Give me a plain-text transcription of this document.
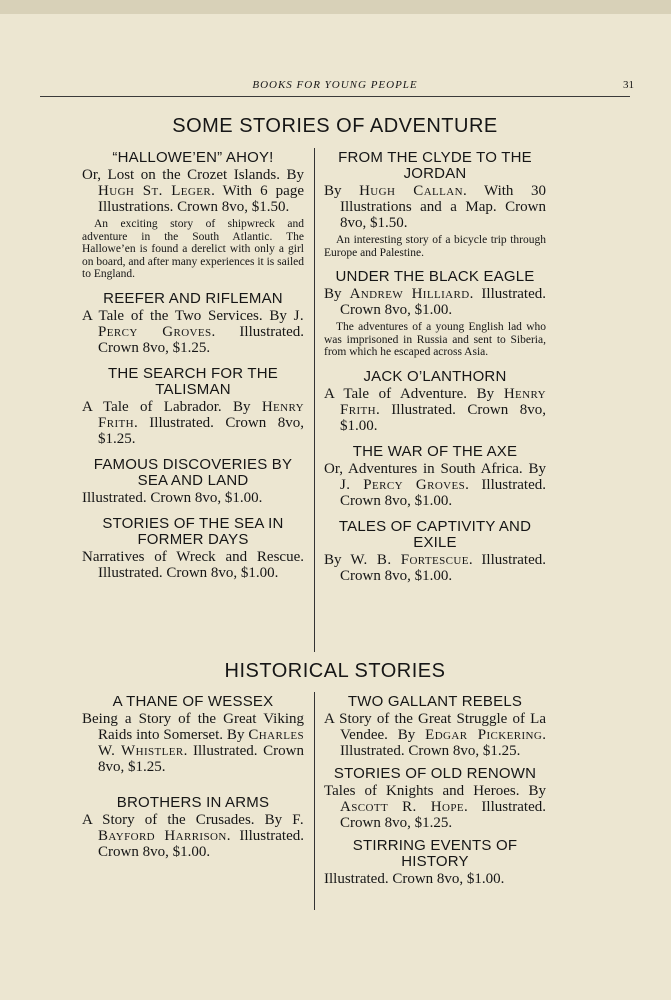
BOOKS FOR YOUNG PEOPLE	31
SOME STORIES OF ADVENTURE
“HALLOWE’EN” AHOY!

Or, Lost on the Crozet Islands. By Hugh St. Leger. With 6 page Illustrations. Crown 8vo, $1.50.

An exciting story of shipwreck and adventure in the South Atlantic. The Hallowe’en is found a derelict with only a girl on board, and after many experiences it is sailed to England.

REEFER AND RIFLEMAN

A Tale of the Two Services. By J. Percy Groves. Illustrated. Crown 8vo, $1.25.

THE SEARCH FOR THE TALISMAN

A Tale of Labrador. By Henry Frith. Illustrated. Crown 8vo, $1.25.

FAMOUS DISCOVERIES BY SEA AND LAND

Illustrated. Crown 8vo, $1.00.

STORIES OF THE SEA IN FORMER DAYS

Narratives of Wreck and Rescue. Illustrated. Crown 8vo, $1.00.

FROM THE CLYDE TO THE JORDAN

By Hugh Callan. With 30 Illustrations and a Map. Crown 8vo, $1.50.

An interesting story of a bicycle trip through Europe and Palestine.

UNDER THE BLACK EAGLE

By Andrew Hilliard. Illustrated. Crown 8vo, $1.00.

The adventures of a young English lad who was imprisoned in Russia and sent to Siberia, from which he escaped across Asia.

JACK O’LANTHORN

A Tale of Adventure. By Henry Frith. Illustrated. Crown 8vo, $1.00.

THE WAR OF THE AXE

Or, Adventures in South Africa. By J. Percy Groves. Illustrated. Crown 8vo, $1.00.

TALES OF CAPTIVITY AND EXILE

By W. B. Fortescue. Illustrated. Crown 8vo, $1.00.

HISTORICAL STORIES
A THANE OF WESSEX

Being a Story of the Great Viking Raids into Somerset. By Charles W. Whistler. Illustrated. Crown 8vo, $1.25.

BROTHERS IN ARMS

A Story of the Crusades. By F. Bayford Harrison. Illustrated. Crown 8vo, $1.00.

TWO GALLANT REBELS

A Story of the Great Struggle of La Vendee. By Edgar Pickering. Illustrated. Crown 8vo, $1.25.

STORIES OF OLD RENOWN

Tales of Knights and Heroes. By Ascott R. Hope. Illustrated. Crown 8vo, $1.25.

STIRRING EVENTS OF HISTORY

Illustrated. Crown 8vo, $1.00.
